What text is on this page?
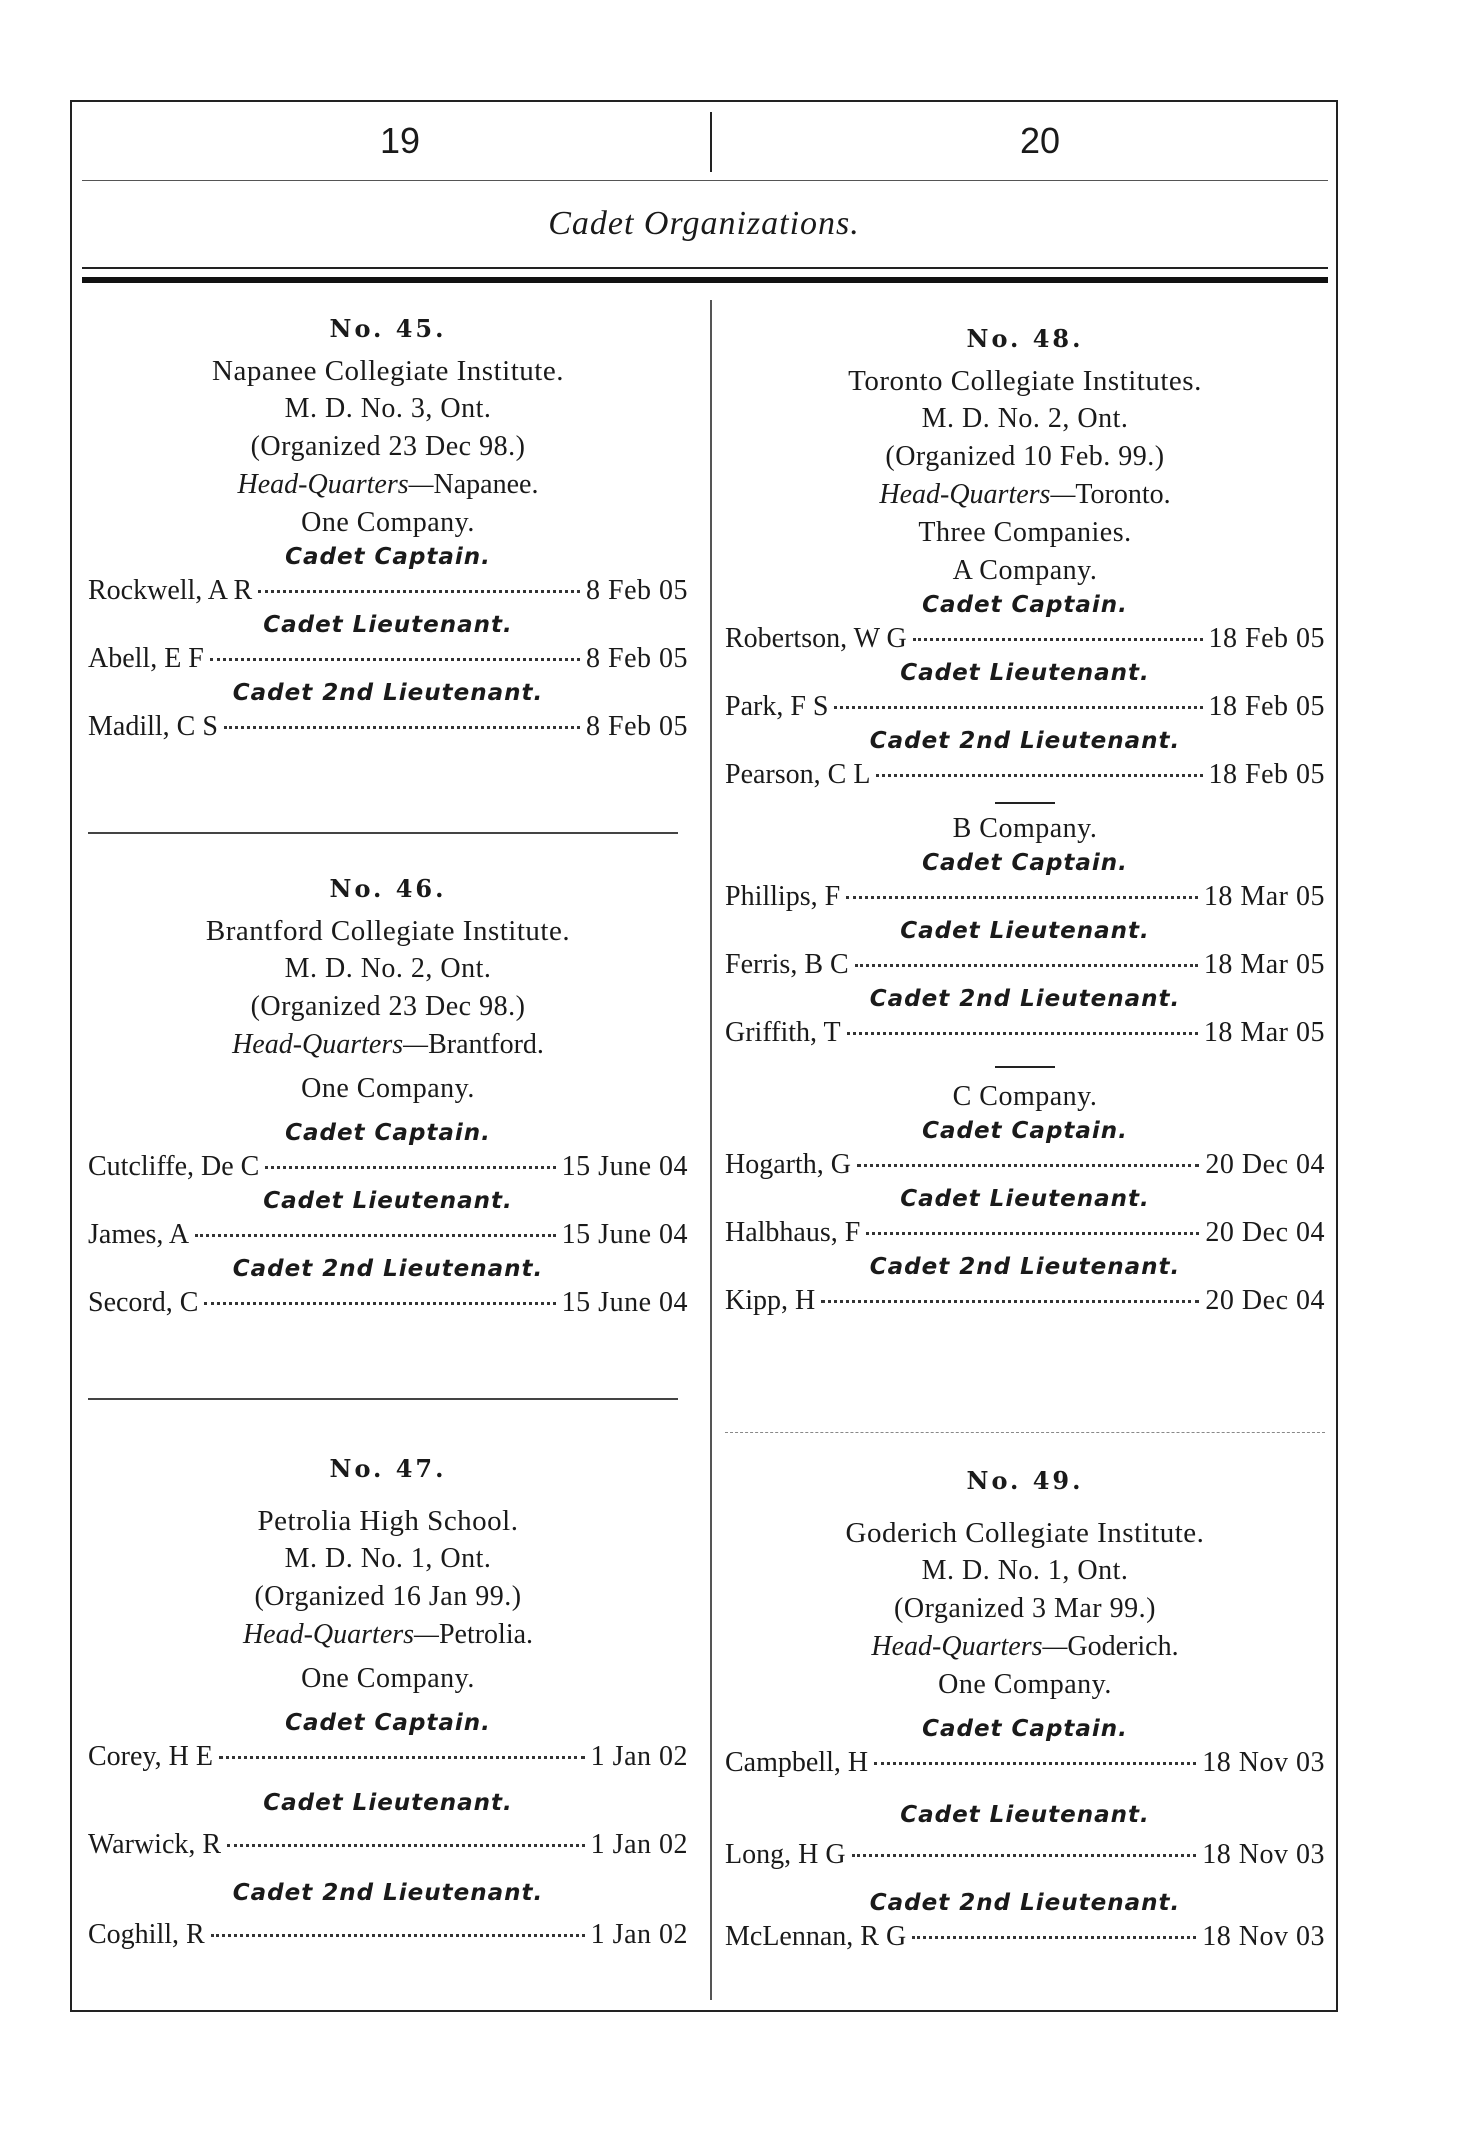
19	20
Cadet Organizations.
No. 45.
Napanee Collegiate Institute.
M. D. No. 3, Ont.
(Organized 23 Dec 98.)
Head-Quarters—Napanee.
One Company.
Cadet Captain.
Rockwell, A R	8 Feb 05
Cadet Lieutenant.
Abell, E F	8 Feb 05
Cadet 2nd Lieutenant.
Madill, C S	8 Feb 05
No. 46.
Brantford Collegiate Institute.
M. D. No. 2, Ont.
(Organized 23 Dec 98.)
Head-Quarters—Brantford.
One Company.
Cadet Captain.
Cutcliffe, De C	15 June 04
Cadet Lieutenant.
James, A	15 June 04
Cadet 2nd Lieutenant.
Secord, C	15 June 04
No. 47.
Petrolia High School.
M. D. No. 1, Ont.
(Organized 16 Jan 99.)
Head-Quarters—Petrolia.
One Company.
Cadet Captain.
Corey, H E	1 Jan 02
Cadet Lieutenant.
Warwick, R	1 Jan 02
Cadet 2nd Lieutenant.
Coghill, R	1 Jan 02
No. 48.
Toronto Collegiate Institutes.
M. D. No. 2, Ont.
(Organized 10 Feb. 99.)
Head-Quarters—Toronto.
Three Companies.
A Company.
Cadet Captain.
Robertson, W G	18 Feb 05
Cadet Lieutenant.
Park, F S	18 Feb 05
Cadet 2nd Lieutenant.
Pearson, C L	18 Feb 05
B Company.
Cadet Captain.
Phillips, F	18 Mar 05
Cadet Lieutenant.
Ferris, B C	18 Mar 05
Cadet 2nd Lieutenant.
Griffith, T	18 Mar 05
C Company.
Cadet Captain.
Hogarth, G	20 Dec 04
Cadet Lieutenant.
Halbhaus, F	20 Dec 04
Cadet 2nd Lieutenant.
Kipp, H	20 Dec 04
No. 49.
Goderich Collegiate Institute.
M. D. No. 1, Ont.
(Organized 3 Mar 99.)
Head-Quarters—Goderich.
One Company.
Cadet Captain.
Campbell, H	18 Nov 03
Cadet Lieutenant.
Long, H G	18 Nov 03
Cadet 2nd Lieutenant.
McLennan, R G	18 Nov 03
